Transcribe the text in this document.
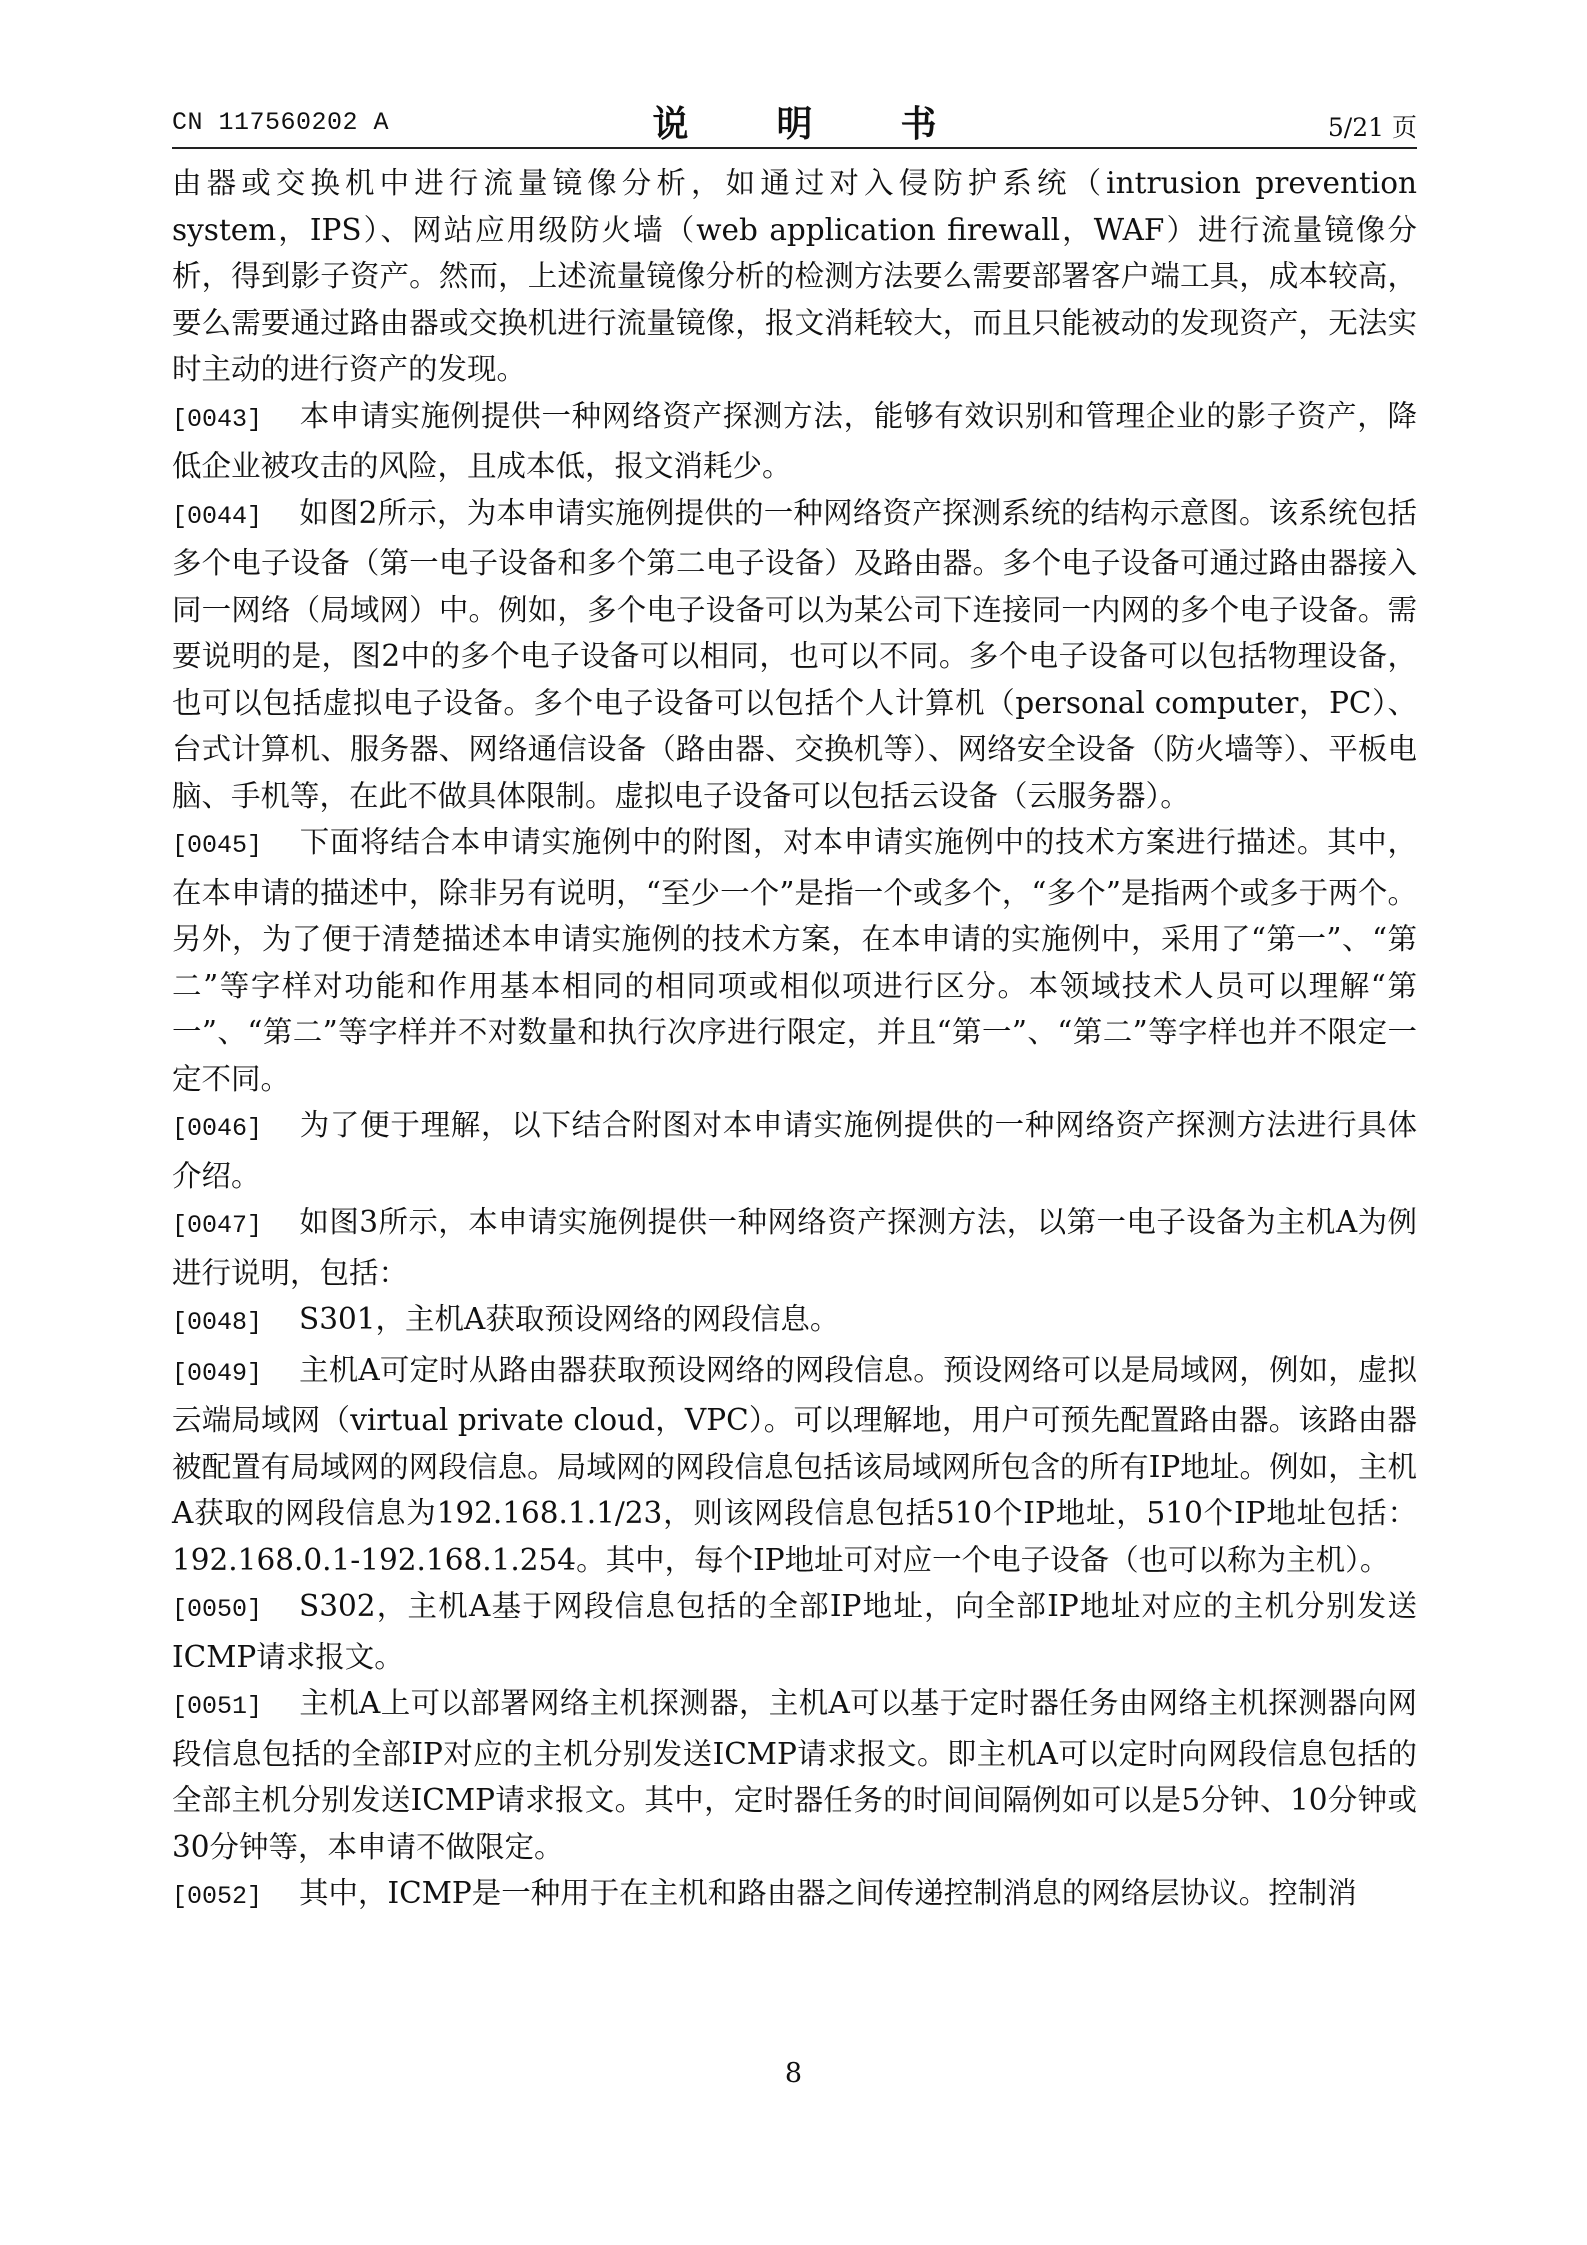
CN 117560202 A	说　明　书	5/21 页

由器或交换机中进行流量镜像分析，如通过对入侵防护系统（intrusion prevention system，IPS）、网站应用级防火墙（web application firewall，WAF）进行流量镜像分析，得到影子资产。然而，上述流量镜像分析的检测方法要么需要部署客户端工具，成本较高，要么需要通过路由器或交换机进行流量镜像，报文消耗较大，而且只能被动的发现资产，无法实时主动的进行资产的发现。

[0043] 本申请实施例提供一种网络资产探测方法，能够有效识别和管理企业的影子资产，降低企业被攻击的风险，且成本低，报文消耗少。

[0044] 如图2所示，为本申请实施例提供的一种网络资产探测系统的结构示意图。该系统包括多个电子设备（第一电子设备和多个第二电子设备）及路由器。多个电子设备可通过路由器接入同一网络（局域网）中。例如，多个电子设备可以为某公司下连接同一内网的多个电子设备。需要说明的是，图2中的多个电子设备可以相同，也可以不同。多个电子设备可以包括物理设备，也可以包括虚拟电子设备。多个电子设备可以包括个人计算机（personal computer，PC）、台式计算机、服务器、网络通信设备（路由器、交换机等）、网络安全设备（防火墙等）、平板电脑、手机等，在此不做具体限制。虚拟电子设备可以包括云设备（云服务器）。

[0045] 下面将结合本申请实施例中的附图，对本申请实施例中的技术方案进行描述。其中，在本申请的描述中，除非另有说明，“至少一个”是指一个或多个，“多个”是指两个或多于两个。另外，为了便于清楚描述本申请实施例的技术方案，在本申请的实施例中，采用了“第一”、“第二”等字样对功能和作用基本相同的相同项或相似项进行区分。本领域技术人员可以理解“第一”、“第二”等字样并不对数量和执行次序进行限定，并且“第一”、“第二”等字样也并不限定一定不同。

[0046] 为了便于理解，以下结合附图对本申请实施例提供的一种网络资产探测方法进行具体介绍。

[0047] 如图3所示，本申请实施例提供一种网络资产探测方法，以第一电子设备为主机A为例进行说明，包括：

[0048] S301，主机A获取预设网络的网段信息。

[0049] 主机A可定时从路由器获取预设网络的网段信息。预设网络可以是局域网，例如，虚拟云端局域网（virtual private cloud，VPC）。可以理解地，用户可预先配置路由器。该路由器被配置有局域网的网段信息。局域网的网段信息包括该局域网所包含的所有IP地址。例如，主机A获取的网段信息为192.168.1.1/23，则该网段信息包括510个IP地址，510个IP地址包括：192.168.0.1-192.168.1.254。其中，每个IP地址可对应一个电子设备（也可以称为主机）。

[0050] S302，主机A基于网段信息包括的全部IP地址，向全部IP地址对应的主机分别发送ICMP请求报文。

[0051] 主机A上可以部署网络主机探测器，主机A可以基于定时器任务由网络主机探测器向网段信息包括的全部IP对应的主机分别发送ICMP请求报文。即主机A可以定时向网段信息包括的全部主机分别发送ICMP请求报文。其中，定时器任务的时间间隔例如可以是5分钟、10分钟或30分钟等，本申请不做限定。

[0052] 其中，ICMP是一种用于在主机和路由器之间传递控制消息的网络层协议。控制消

8
